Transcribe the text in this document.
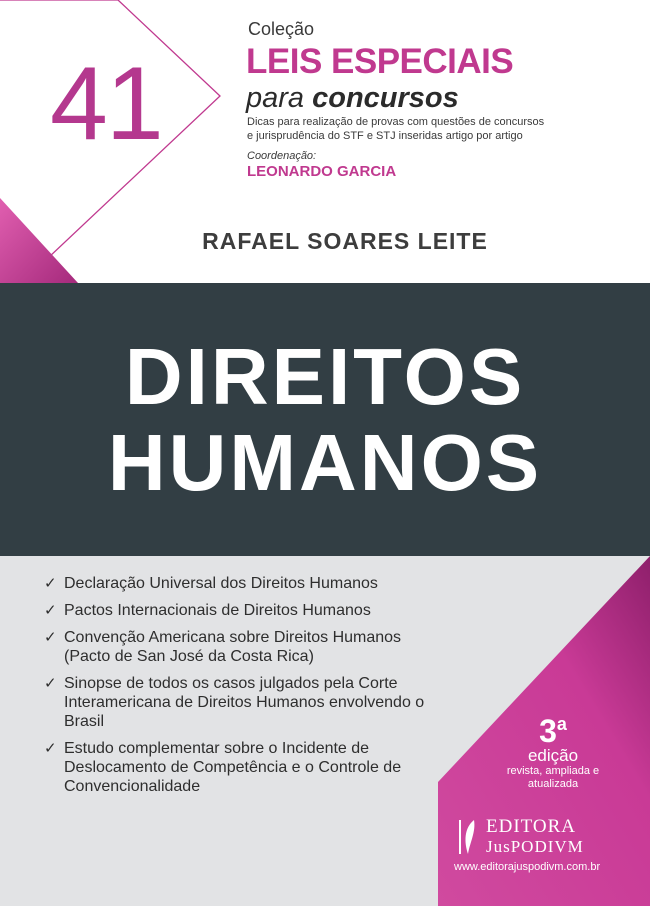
41
Coleção
LEIS ESPECIAIS
para concursos
Dicas para realização de provas com questões de concursos e jurisprudência do STF e STJ inseridas artigo por artigo
Coordenação:
LEONARDO GARCIA
RAFAEL SOARES LEITE
DIREITOS
HUMANOS
✓ Declaração Universal dos Direitos Humanos
✓ Pactos Internacionais de Direitos Humanos
✓ Convenção Americana sobre Direitos Humanos (Pacto de San José da Costa Rica)
✓ Sinopse de todos os casos julgados pela Corte Interamericana de Direitos Humanos envolvendo o Brasil
✓ Estudo complementar sobre o Incidente de Deslocamento de Competência e o Controle de Convencionalidade
3$^a$
edição
revista, ampliada e atualizada
EDITORA
JusPODIVM
www.editorajuspodivm.com.br
